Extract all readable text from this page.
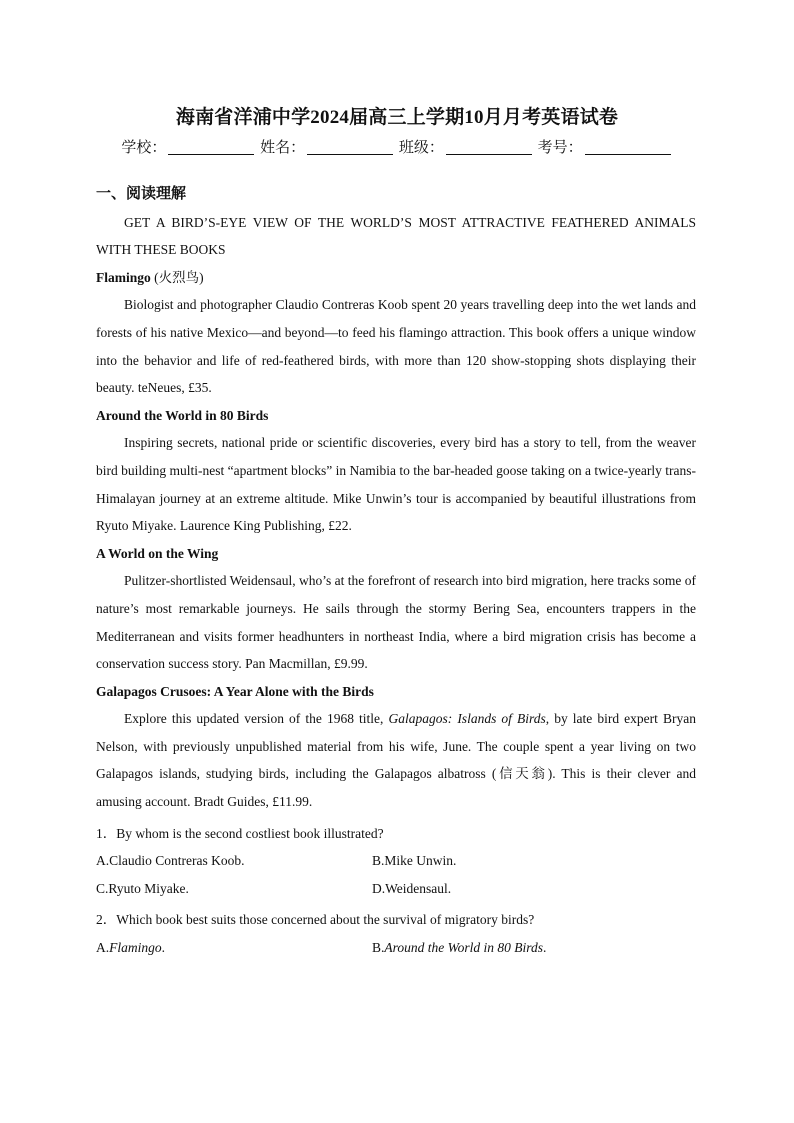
海南省洋浦中学2024届高三上学期10月月考英语试卷
学校：	姓名：	班级：	考号：

一、阅读理解

GET A BIRD’S-EYE VIEW OF THE WORLD’S MOST ATTRACTIVE FEATHERED ANIMALS WITH THESE BOOKS

Flamingo (火烈鸟)

Biologist and photographer Claudio Contreras Koob spent 20 years travelling deep into the wet lands and forests of his native Mexico—and beyond—to feed his flamingo attraction. This book offers a unique window into the behavior and life of red-feathered birds, with more than 120 show-stopping shots displaying their beauty. teNeues, £35.

Around the World in 80 Birds

Inspiring secrets, national pride or scientific discoveries, every bird has a story to tell, from the weaver bird building multi-nest “apartment blocks” in Namibia to the bar-headed goose taking on a twice-yearly trans-Himalayan journey at an extreme altitude. Mike Unwin’s tour is accompanied by beautiful illustrations from Ryuto Miyake. Laurence King Publishing, £22.

A World on the Wing

Pulitzer-shortlisted Weidensaul, who’s at the forefront of research into bird migration, here tracks some of nature’s most remarkable journeys. He sails through the stormy Bering Sea, encounters trappers in the Mediterranean and visits former headhunters in northeast India, where a bird migration crisis has become a conservation success story. Pan Macmillan, £9.99.

Galapagos Crusoes: A Year Alone with the Birds

Explore this updated version of the 1968 title, Galapagos: Islands of Birds, by late bird expert Bryan Nelson, with previously unpublished material from his wife, June. The couple spent a year living on two Galapagos islands, studying birds, including the Galapagos albatross (信天翁). This is their clever and amusing account. Bradt Guides, £11.99.

1．By whom is the second costliest book illustrated?

A.Claudio Contreras Koob.	B.Mike Unwin.
C.Ryuto Miyake.	D.Weidensaul.

2．Which book best suits those concerned about the survival of migratory birds?

A.Flamingo.	B.Around the World in 80 Birds.
